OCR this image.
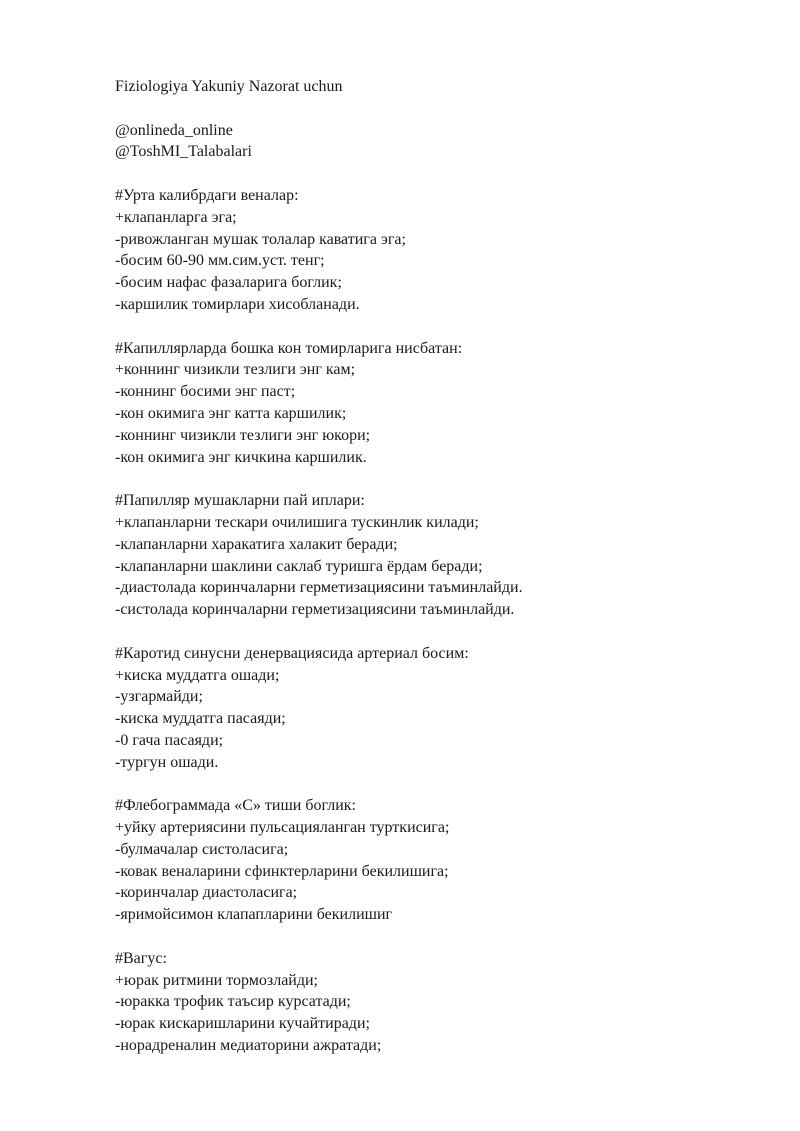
Fiziologiya Yakuniy Nazorat uchun
@onlineda_online
@ToshMI_Talabalari
#Урта калибрдаги веналар:
+клапанларга эга;
-ривожланган мушак толалар каватига эга;
-босим 60-90 мм.сим.уст. тенг;
-босим нафас фазаларига боглик;
-каршилик томирлари хисобланади.
#Капиллярларда бошка кон томирларига нисбатан:
+коннинг чизикли тезлиги энг кам;
-коннинг босими энг паст;
-кон окимига энг катта каршилик;
-коннинг чизикли тезлиги энг юкори;
-кон окимига энг кичкина каршилик.
#Папилляр мушакларни пай иплари:
+клапанларни тескари очилишига тускинлик килади;
-клапанларни харакатига халакит беради;
-клапанларни шаклини саклаб туришга ёрдам беради;
-диастолада коринчаларни герметизациясини таъминлайди.
-систолада коринчаларни герметизациясини таъминлайди.
#Каротид синусни денервациясида артериал босим:
+киска муддатга ошади;
-узгармайди;
-киска муддатга пасаяди;
-0 гача пасаяди;
-тургун ошади.
#Флебограммада «С» тиши боглик:
+уйку артериясини пульсацияланган турткисига;
-булмачалар систоласига;
-ковак веналарини сфинктерларини бекилишига;
-коринчалар диастоласига;
-яримойсимон клапапларини бекилишиг
#Вагус:
+юрак ритмини тормозлайди;
-юракка трофик таъсир курсатади;
-юрак кискаришларини кучайтиради;
-норадреналин медиаторини ажратади;
